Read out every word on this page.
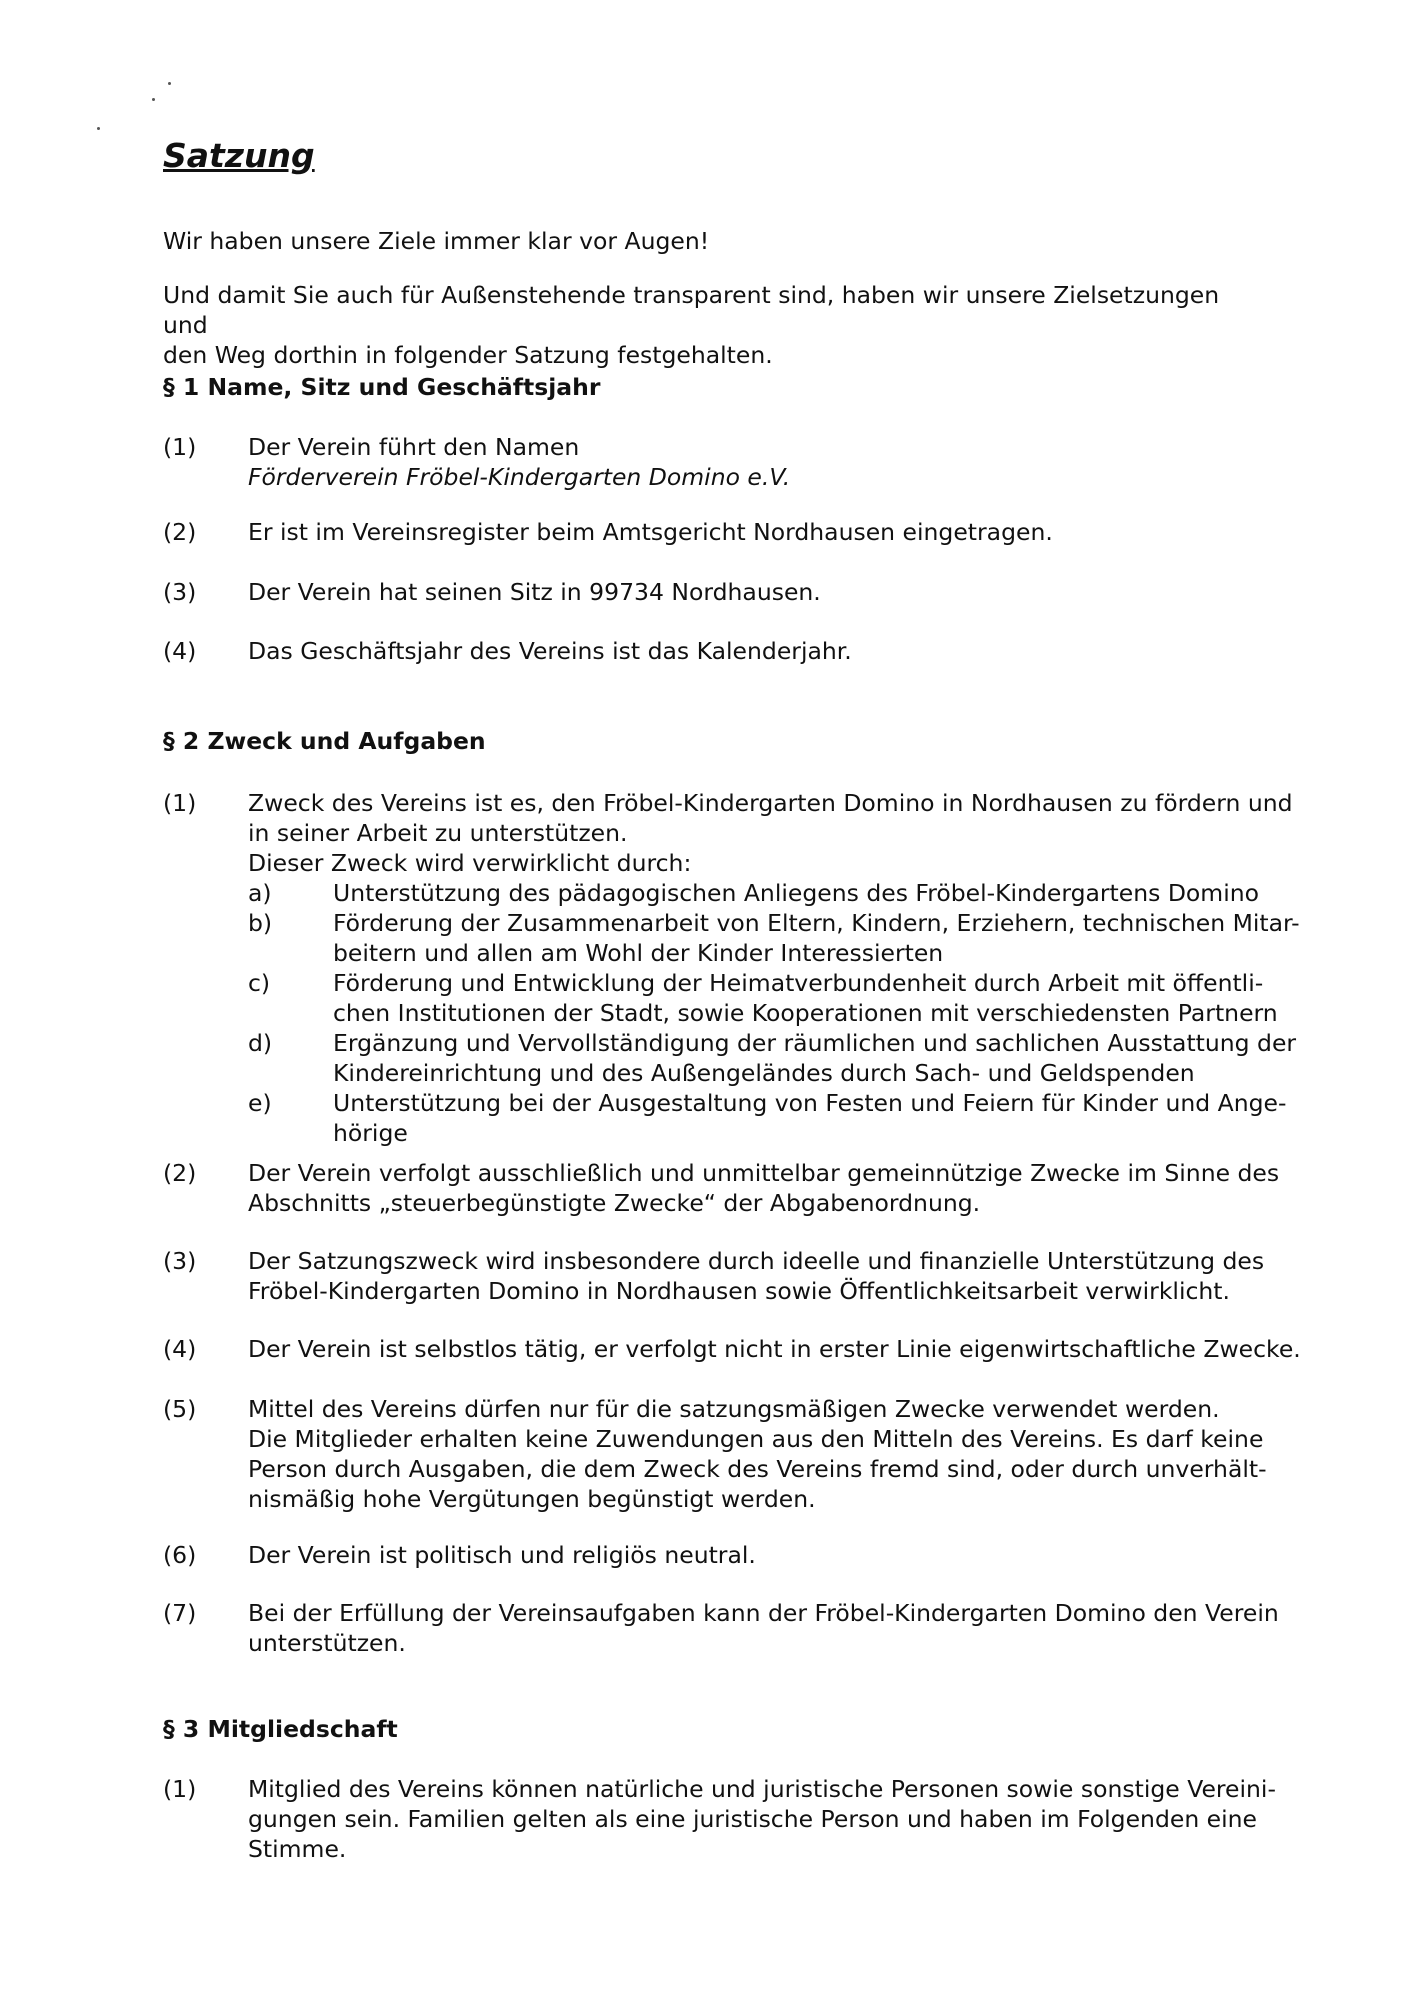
Satzung
Wir haben unsere Ziele immer klar vor Augen!
Und damit Sie auch für Außenstehende transparent sind, haben wir unsere Zielsetzungen und
den Weg dorthin in folgender Satzung festgehalten.
§ 1 Name, Sitz und Geschäftsjahr
(1)	Der Verein führt den Namen
Förderverein Fröbel-Kindergarten Domino e.V.
(2)	Er ist im Vereinsregister beim Amtsgericht Nordhausen eingetragen.
(3)	Der Verein hat seinen Sitz in 99734 Nordhausen.
(4)	Das Geschäftsjahr des Vereins ist das Kalenderjahr.
§ 2 Zweck und Aufgaben
(1)	Zweck des Vereins ist es, den Fröbel-Kindergarten Domino in Nordhausen zu fördern und
in seiner Arbeit zu unterstützen.
Dieser Zweck wird verwirklicht durch:
a)	Unterstützung des pädagogischen Anliegens des Fröbel-Kindergartens Domino
b)	Förderung der Zusammenarbeit von Eltern, Kindern, Erziehern, technischen Mitar-
beitern und allen am Wohl der Kinder Interessierten
c)	Förderung und Entwicklung der Heimatverbundenheit durch Arbeit mit öffentli-
chen Institutionen der Stadt, sowie Kooperationen mit verschiedensten Partnern
d)	Ergänzung und Vervollständigung der räumlichen und sachlichen Ausstattung der
Kindereinrichtung und des Außengeländes durch Sach- und Geldspenden
e)	Unterstützung bei der Ausgestaltung von Festen und Feiern für Kinder und Ange-
hörige
(2)	Der Verein verfolgt ausschließlich und unmittelbar gemeinnützige Zwecke im Sinne des
Abschnitts „steuerbegünstigte Zwecke“ der Abgabenordnung.
(3)	Der Satzungszweck wird insbesondere durch ideelle und finanzielle Unterstützung des
Fröbel-Kindergarten Domino in Nordhausen sowie Öffentlichkeitsarbeit verwirklicht.
(4)	Der Verein ist selbstlos tätig, er verfolgt nicht in erster Linie eigenwirtschaftliche Zwecke.
(5)	Mittel des Vereins dürfen nur für die satzungsmäßigen Zwecke verwendet werden.
Die Mitglieder erhalten keine Zuwendungen aus den Mitteln des Vereins. Es darf keine
Person durch Ausgaben, die dem Zweck des Vereins fremd sind, oder durch unverhält-
nismäßig hohe Vergütungen begünstigt werden.
(6)	Der Verein ist politisch und religiös neutral.
(7)	Bei der Erfüllung der Vereinsaufgaben kann der Fröbel-Kindergarten Domino den Verein
unterstützen.
§ 3 Mitgliedschaft
(1)	Mitglied des Vereins können natürliche und juristische Personen sowie sonstige Vereini-
gungen sein. Familien gelten als eine juristische Person und haben im Folgenden eine
Stimme.
